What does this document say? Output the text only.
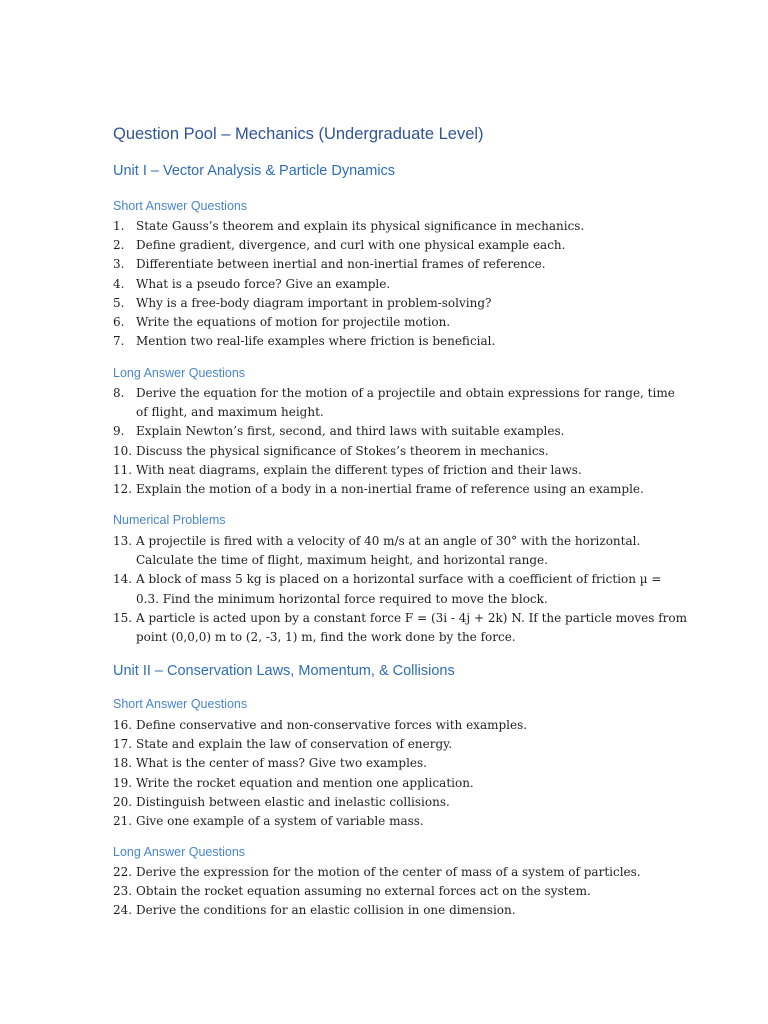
Question Pool – Mechanics (Undergraduate Level)
Unit I – Vector Analysis & Particle Dynamics
Short Answer Questions
1. State Gauss’s theorem and explain its physical significance in mechanics.
2. Define gradient, divergence, and curl with one physical example each.
3. Differentiate between inertial and non-inertial frames of reference.
4. What is a pseudo force? Give an example.
5. Why is a free-body diagram important in problem-solving?
6. Write the equations of motion for projectile motion.
7. Mention two real-life examples where friction is beneficial.
Long Answer Questions
8. Derive the equation for the motion of a projectile and obtain expressions for range, time
of flight, and maximum height.
9. Explain Newton’s first, second, and third laws with suitable examples.
10. Discuss the physical significance of Stokes’s theorem in mechanics.
11. With neat diagrams, explain the different types of friction and their laws.
12. Explain the motion of a body in a non-inertial frame of reference using an example.
Numerical Problems
13. A projectile is fired with a velocity of 40 m/s at an angle of 30° with the horizontal.
Calculate the time of flight, maximum height, and horizontal range.
14. A block of mass 5 kg is placed on a horizontal surface with a coefficient of friction µ =
0.3. Find the minimum horizontal force required to move the block.
15. A particle is acted upon by a constant force F = (3i - 4j + 2k) N. If the particle moves from
point (0,0,0) m to (2, -3, 1) m, find the work done by the force.
Unit II – Conservation Laws, Momentum, & Collisions
Short Answer Questions
16. Define conservative and non-conservative forces with examples.
17. State and explain the law of conservation of energy.
18. What is the center of mass? Give two examples.
19. Write the rocket equation and mention one application.
20. Distinguish between elastic and inelastic collisions.
21. Give one example of a system of variable mass.
Long Answer Questions
22. Derive the expression for the motion of the center of mass of a system of particles.
23. Obtain the rocket equation assuming no external forces act on the system.
24. Derive the conditions for an elastic collision in one dimension.
